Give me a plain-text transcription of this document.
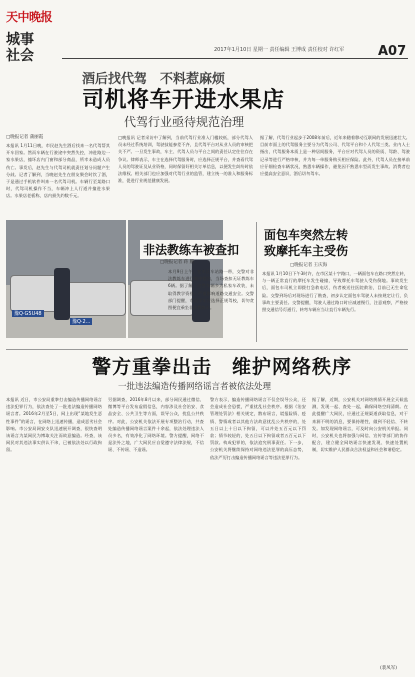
天中晚报
城事
社会	2017年1月10日 星期一 责任编辑 王博成 责任校对 许红军	A07
酒后找代驾　不料惹麻烦
司机将车开进水果店
代驾行业亟待规范治理
□晚报记者 蒲丽霞
本报讯 1月11日晚，市民赵先生酒后找来一名代驾帮其开车回家。然而车辆在行驶途中突然失控，冲进路边一家水果店，撞坏店内门窗和部分商品，所幸未造成人员伤亡。事发后，赵先生与代驾司机就责任划分问题产生分歧。记者了解到，当晚赵先生在朋友聚会时饮了酒，于是通过手机软件叫来一名代驾司机。车辆行至某路口时，代驾司机操作不当，车辆冲上人行道并撞进水果店。水果店老板称，店内损失约数千元。
□晚报讯 记者采访中了解到，当前代驾行业准入门槛较低，部分代驾人员未经过系统培训，驾驶技能参差不齐，且代驾平台对从业人员的审核把关不严。一旦发生事故，车主、代驾人员与平台之间的责任认定往往存在争议。律师表示，车主在选择代驾服务时，应选择正规平台，并查看代驾人员的驾驶证及从业资格，同时保留好相关订单信息，以便发生纠纷时依法维权。相关部门也应加强对代驾行业的监管，建立统一的准入和服务标准，促进行业规范健康发展。
据了解，代驾行业起步于2008年前后，近年来随着移动互联网的发展迅速壮大。目前市面上的代驾服务主要分为代驾公司、代驾平台和个人代驾三类。业内人士指出，代驾服务本质上是一种居间服务，平台应对代驾人员的资质、驾龄、驾驶记录等进行严格审核，并为每一单服务购买相应保险。此外，代驾人员在接单前应仔细检查车辆状况，熟悉车辆操作，避免因不熟悉车型而发生事故。消费者也应提高安全意识，酒后切勿驾车。
豫Q·G5U48
豫Q·2...
非法教练车被查扣
□晚报记者 蒋 鹏
本月9日上午，在市区车站路一带，交警对非法教练车进行集中整治，当场查扣无证教练车6辆。据了解，这些车辆多为私家车改装，未取得教学资格，严重影响道路交通安全。交警部门提醒，市民学车应选择正规驾校，切勿贪图便宜乘坐非法教练车。
面包车突然左转
致摩托车主受伤
□晚报记者 王庆海
本报讯 1月10日下午3时许，在市区某十字路口，一辆面包车在路口突然左转，与一辆正常直行的摩托车发生碰撞，导致摩托车驾驶人受伤倒地。事故发生后，面包车司机立即拨打急救电话，伤者被送往医院救治，目前已无生命危险。交警到场后对现场进行了勘查，初步认定面包车驾驶人未按规定让行，负事故主要责任。交警提醒，驾驶人通过路口时应减速慢行，注意观察，严格按照交通信号灯通行，转弯车辆应当让直行车辆先行。
警方重拳出击　维护网络秩序
一批违法编造传播网络谣言者被依法处理
本报讯 近日，市公安局重拳打击编造传播网络谣言违法犯罪行为，依法查处了一批违法编造传播网络谣言者。2016年2月至5日，网上出现“某地发生恶性事件”的谣言，在网络上迅速传播，造成恶劣社会影响。市公安局网安支队迅速展开调查，很快查明该谣言为某网民为博取关注而故意编造。经查，该网民对其违法事实供认不讳，已被依法处以行政拘留。
另据调查，2016年8月以来，部分网民通过微信、微博等平台发布虚假信息，内容涉及社会治安、食品安全、公共卫生等方面，误导公众，扰乱公共秩序。对此，公安机关依法开展专项整治行动，共查处编造传播网络谣言案件十余起，依法处理违法人员多名，有效净化了网络环境。警方提醒，网络不是法外之地，广大网民应自觉遵守法律法规，不信谣、不传谣、不造谣。
警方表示，编造传播网络谣言不仅会误导公众，还会造成社会恐慌，严重扰乱社会秩序。根据《治安管理处罚法》相关规定，散布谣言，谎报险情、疫情、警情或者以其他方法故意扰乱公共秩序的，处五日以上十日以下拘留，可以并处五百元以下罚款；情节较轻的，处五日以下拘留或者五百元以下罚款。构成犯罪的，依法追究刑事责任。下一步，公安机关将继续保持对网络违法犯罪的高压态势，依法严厉打击编造传播网络谣言等违法犯罪行为。
据了解，近期，公安机关对网络舆情开展全天候监测，发现一起、查处一起，确保网络空间清朗。在此提醒广大网民，应通过正规渠道获取信息，对于来源不明的消息，要保持理性，做到不轻信、不转发。如发现网络谣言，可及时向公安机关举报。同时，公安机关也将加强与网信、宣传等部门的协作配合，建立健全网络谣言快速发现、快速处置机制，切实维护人民群众合法权益和社会和谐稳定。
(裴凤军)
